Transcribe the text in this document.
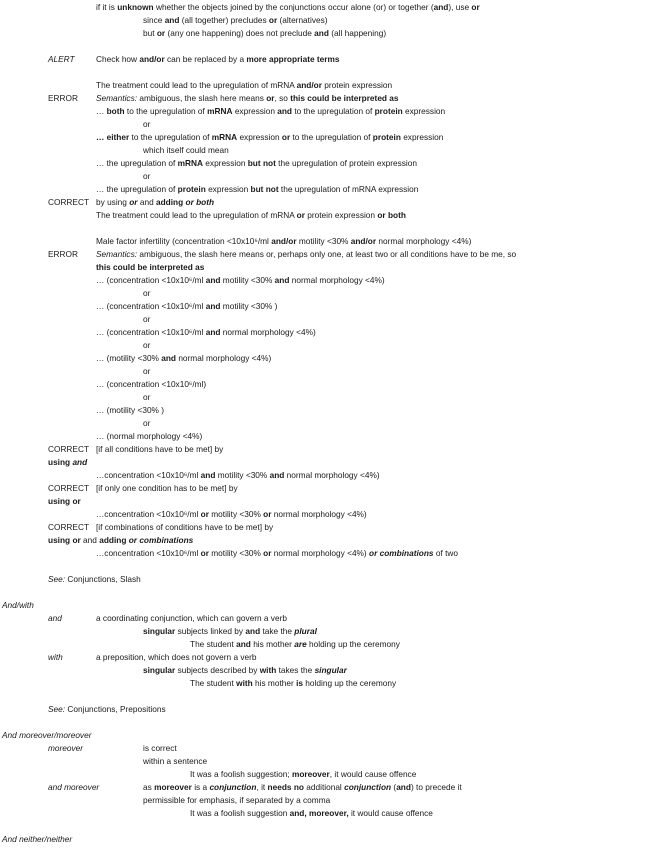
if it is unknown whether the objects joined by the conjunctions occur alone (or) or together (and), use or
since and (all together) precludes or (alternatives)
but or (any one happening) does not preclude and (all happening)
ALERT	Check how and/or can be replaced by a more appropriate terms
The treatment could lead to the upregulation of mRNA and/or protein expression
ERROR Semantics: ambiguous, the slash here means or, so this could be interpreted as
… both to the upregulation of mRNA expression and to the upregulation of protein expression
or
… either to the upregulation of mRNA expression or to the upregulation of protein expression
which itself could mean
… the upregulation of mRNA expression but not the upregulation of protein expression
or
… the upregulation of protein expression but not the upregulation of mRNA expression
CORRECT by using or and adding or both
The treatment could lead to the upregulation of mRNA or protein expression or both
Male factor infertility (concentration <10x10⁶/ml and/or motility <30% and/or normal morphology <4%)
ERROR Semantics: ambiguous, the slash here means or, perhaps only one, at least two or all conditions have to be me, so
this could be interpreted as
… (concentration <10x10⁶/ml and motility <30% and normal morphology <4%)
or
… (concentration <10x10⁶/ml and motility <30% )
or
… (concentration <10x10⁶/ml and normal morphology <4%)
or
… (motility <30% and normal morphology <4%)
or
… (concentration <10x10⁶/ml)
or
… (motility <30% )
or
… (normal morphology <4%)
CORRECT [if all conditions have to be met] by
using and
…concentration <10x10⁶/ml and motility <30% and normal morphology <4%)
CORRECT [if only one condition has to be met] by
using or
…concentration <10x10⁶/ml or motility <30% or normal morphology <4%)
CORRECT [if combinations of conditions have to be met] by
using or and adding or combinations
…concentration <10x10⁶/ml or motility <30% or normal morphology <4%) or combinations of two
See: Conjunctions, Slash
And/with
and	a coordinating conjunction, which can govern a verb
singular subjects linked by and take the plural
The student and his mother are holding up the ceremony
with	a preposition, which does not govern a verb
singular subjects described by with takes the singular
The student with his mother is holding up the ceremony
See: Conjunctions, Prepositions
And moreover/moreover
moreover	is correct
within a sentence
It was a foolish suggestion; moreover, it would cause offence
and moreover	as moreover is a conjunction, it needs no additional conjunction (and) to precede it
permissible for emphasis, if separated by a comma
It was a foolish suggestion and, moreover, it would cause offence
And neither/neither
